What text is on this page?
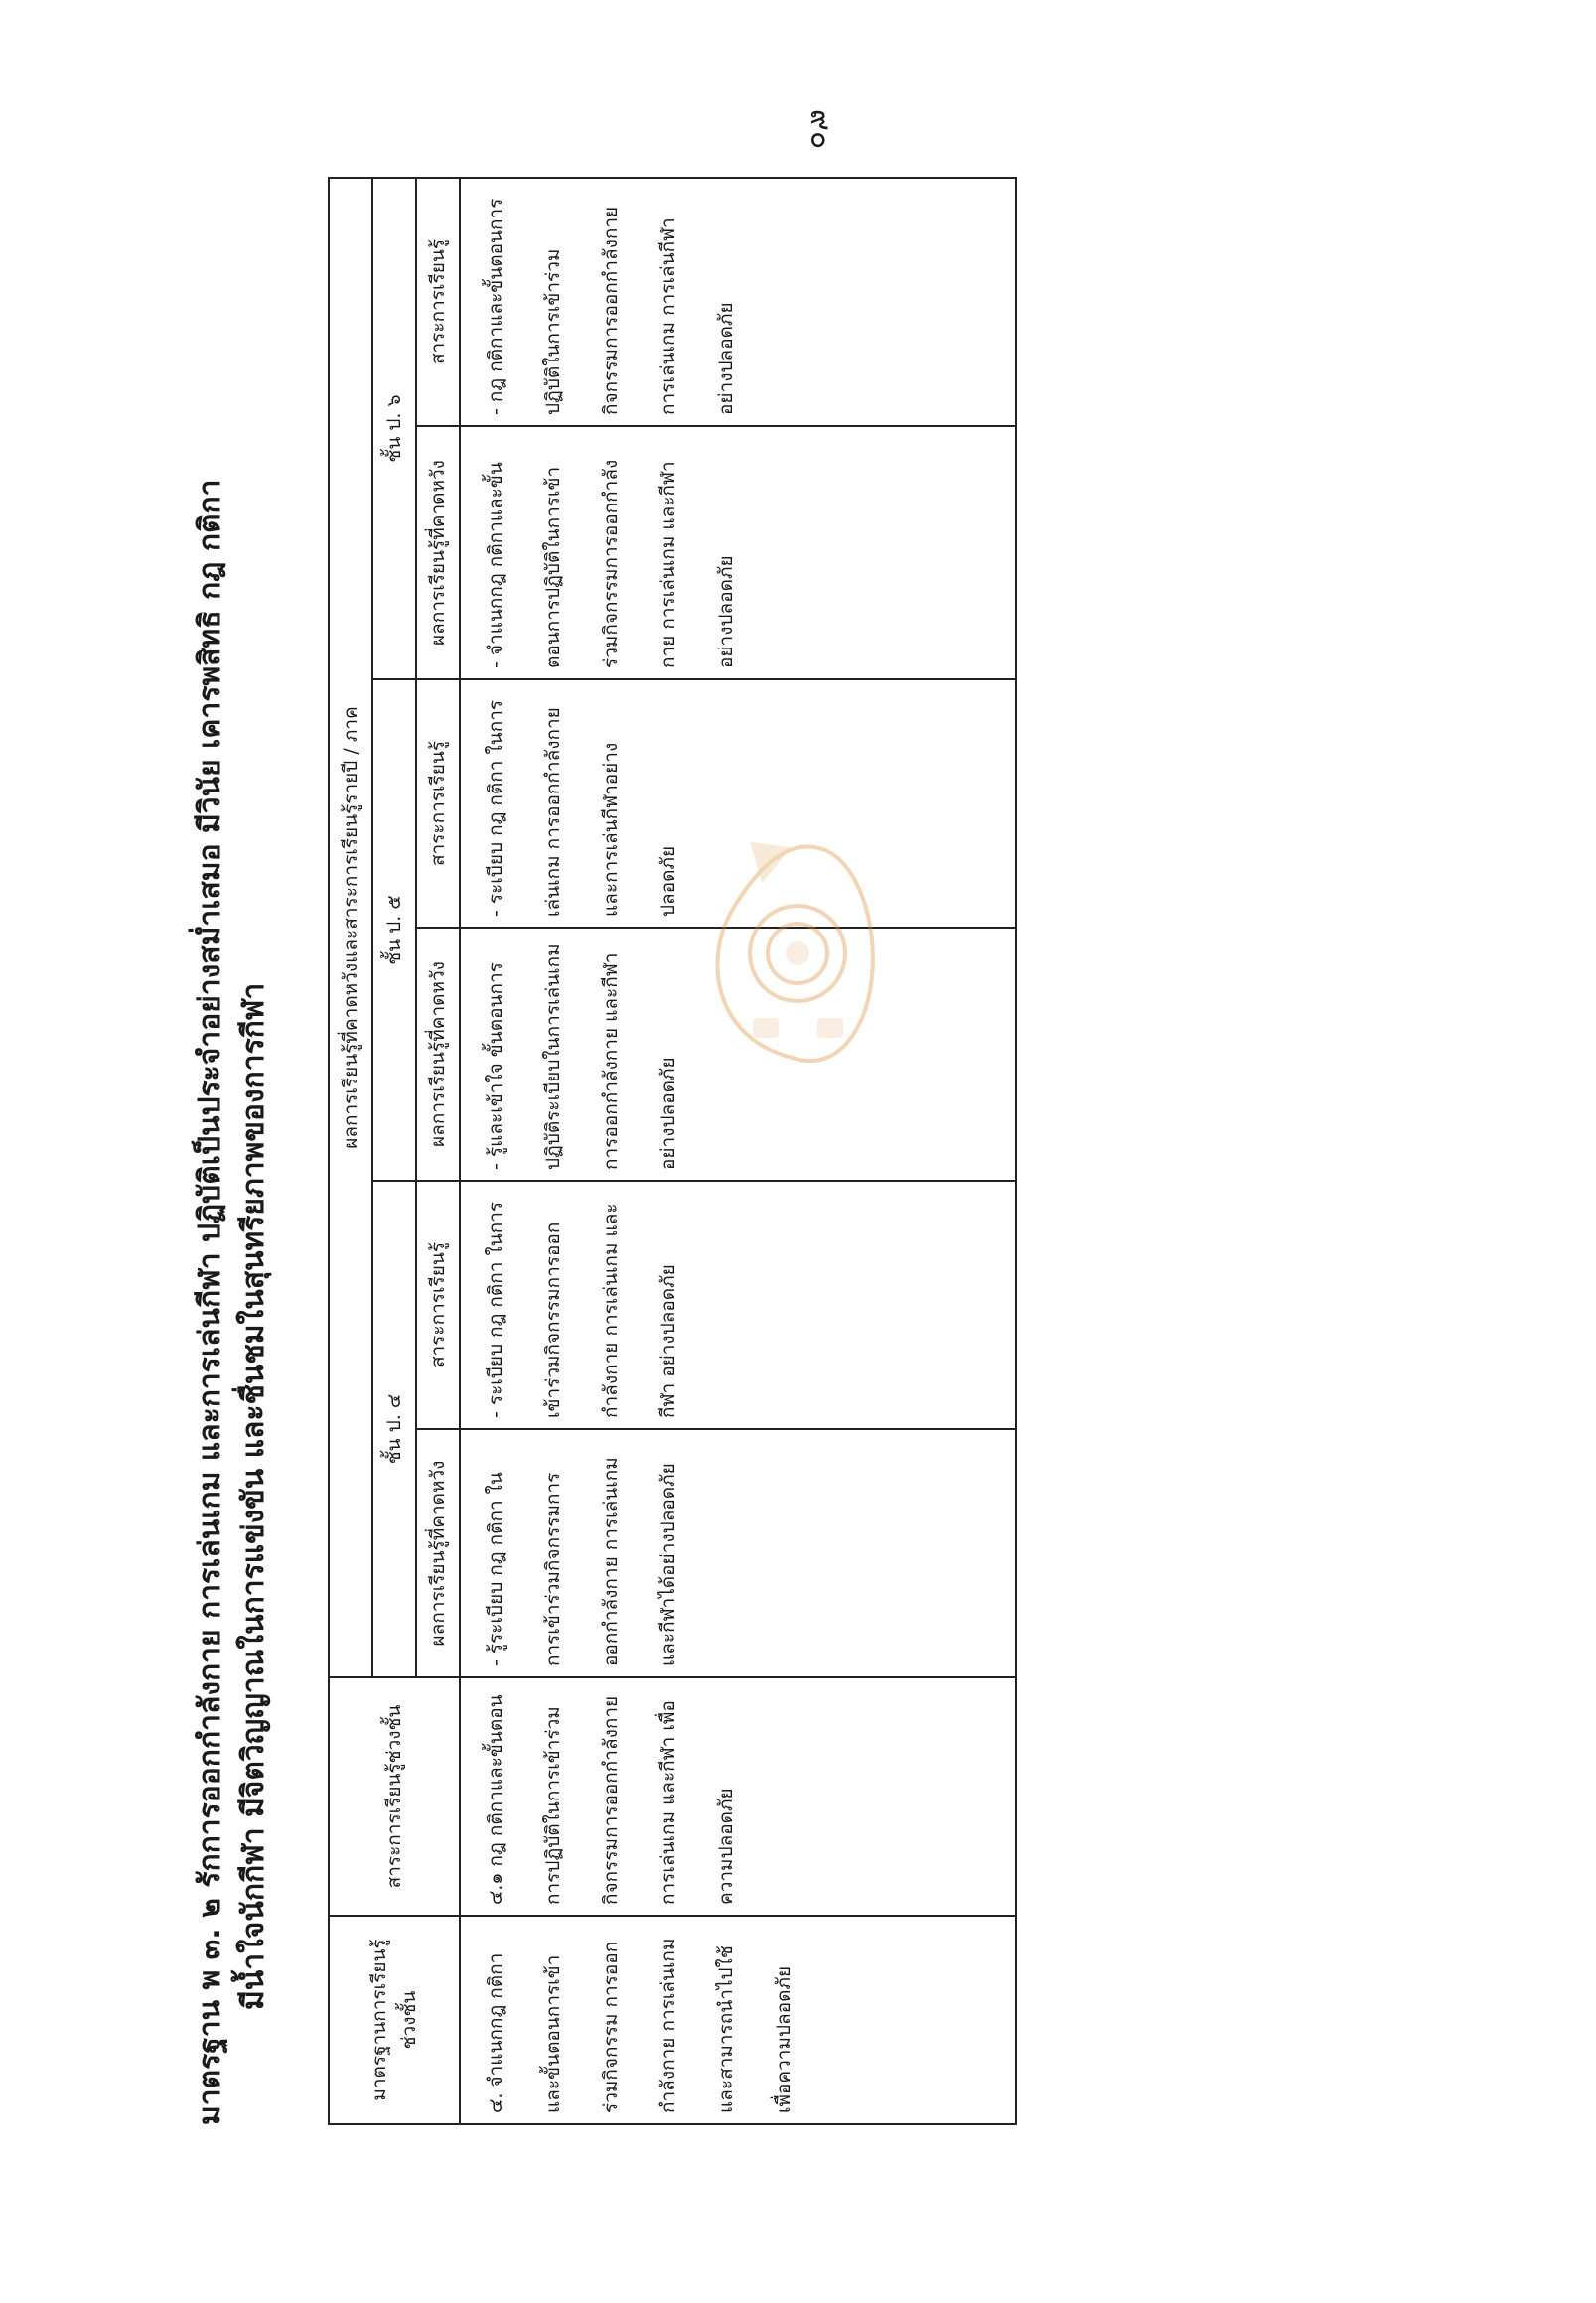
๙๐
มาตรฐาน พ ๓. ๒ รักการออกกำลังกาย การเล่นเกม และการเล่นกีฬา ปฏิบัติเป็นประจำอย่างสม่ำเสมอ มีวินัย เคารพสิทธิ กฎ กติกา มีน้ำใจนักกีฬา มีจิตวิญญาณในการแข่งขัน และชื่นชมในสุนทรียภาพของการกีฬา
มาตรฐานการเรียนรู้ช่วงชั้น	สาระการเรียนรู้ช่วงชั้น	ผลการเรียนรู้ที่คาดหวังและสาระการเรียนรู้รายปี / ภาค					
		ชั้น ป. ๔		ชั้น ป. ๕		ชั้น ป. ๖	
		ผลการเรียนรู้ที่คาดหวัง	สาระการเรียนรู้	ผลการเรียนรู้ที่คาดหวัง	สาระการเรียนรู้	ผลการเรียนรู้ที่คาดหวัง	สาระการเรียนรู้
๔. จำแนกกฎ กติกาและขั้นตอนการเข้าร่วมกิจกรรม การออกกำลังกาย การเล่นเกม และสามารถนำไปใช้เพื่อความปลอดภัย	๔.๑ กฎ กติกาและขั้นตอนการปฏิบัติในการเข้าร่วมกิจกรรมการออกกำลังกาย การเล่นเกม และกีฬา เพื่อความปลอดภัย	- รู้ระเบียบ กฎ กติกา ในการเข้าร่วมกิจกรรมการออกกำลังกาย การเล่นเกม และกีฬาได้อย่างปลอดภัย	- ระเบียบ กฎ กติกา ในการเข้าร่วมกิจกรรมการออกกำลังกาย การเล่นเกม และกีฬา อย่างปลอดภัย	- รู้และเข้าใจ ขั้นตอนการปฏิบัติระเบียบในการเล่นเกมการออกกำลังกาย และกีฬาอย่างปลอดภัย	- ระเบียบ กฎ กติกา ในการเล่นเกม การออกกำลังกาย และการเล่นกีฬาอย่างปลอดภัย	- จำแนกกฎ กติกาและขั้นตอนการปฏิบัติในการเข้าร่วมกิจกรรมการออกกำลังกาย การเล่นเกม และกีฬาอย่างปลอดภัย	- กฎ กติกาและขั้นตอนการปฏิบัติในการเข้าร่วมกิจกรรมการออกกำลังกาย การเล่นเกม การเล่นกีฬาอย่างปลอดภัย
